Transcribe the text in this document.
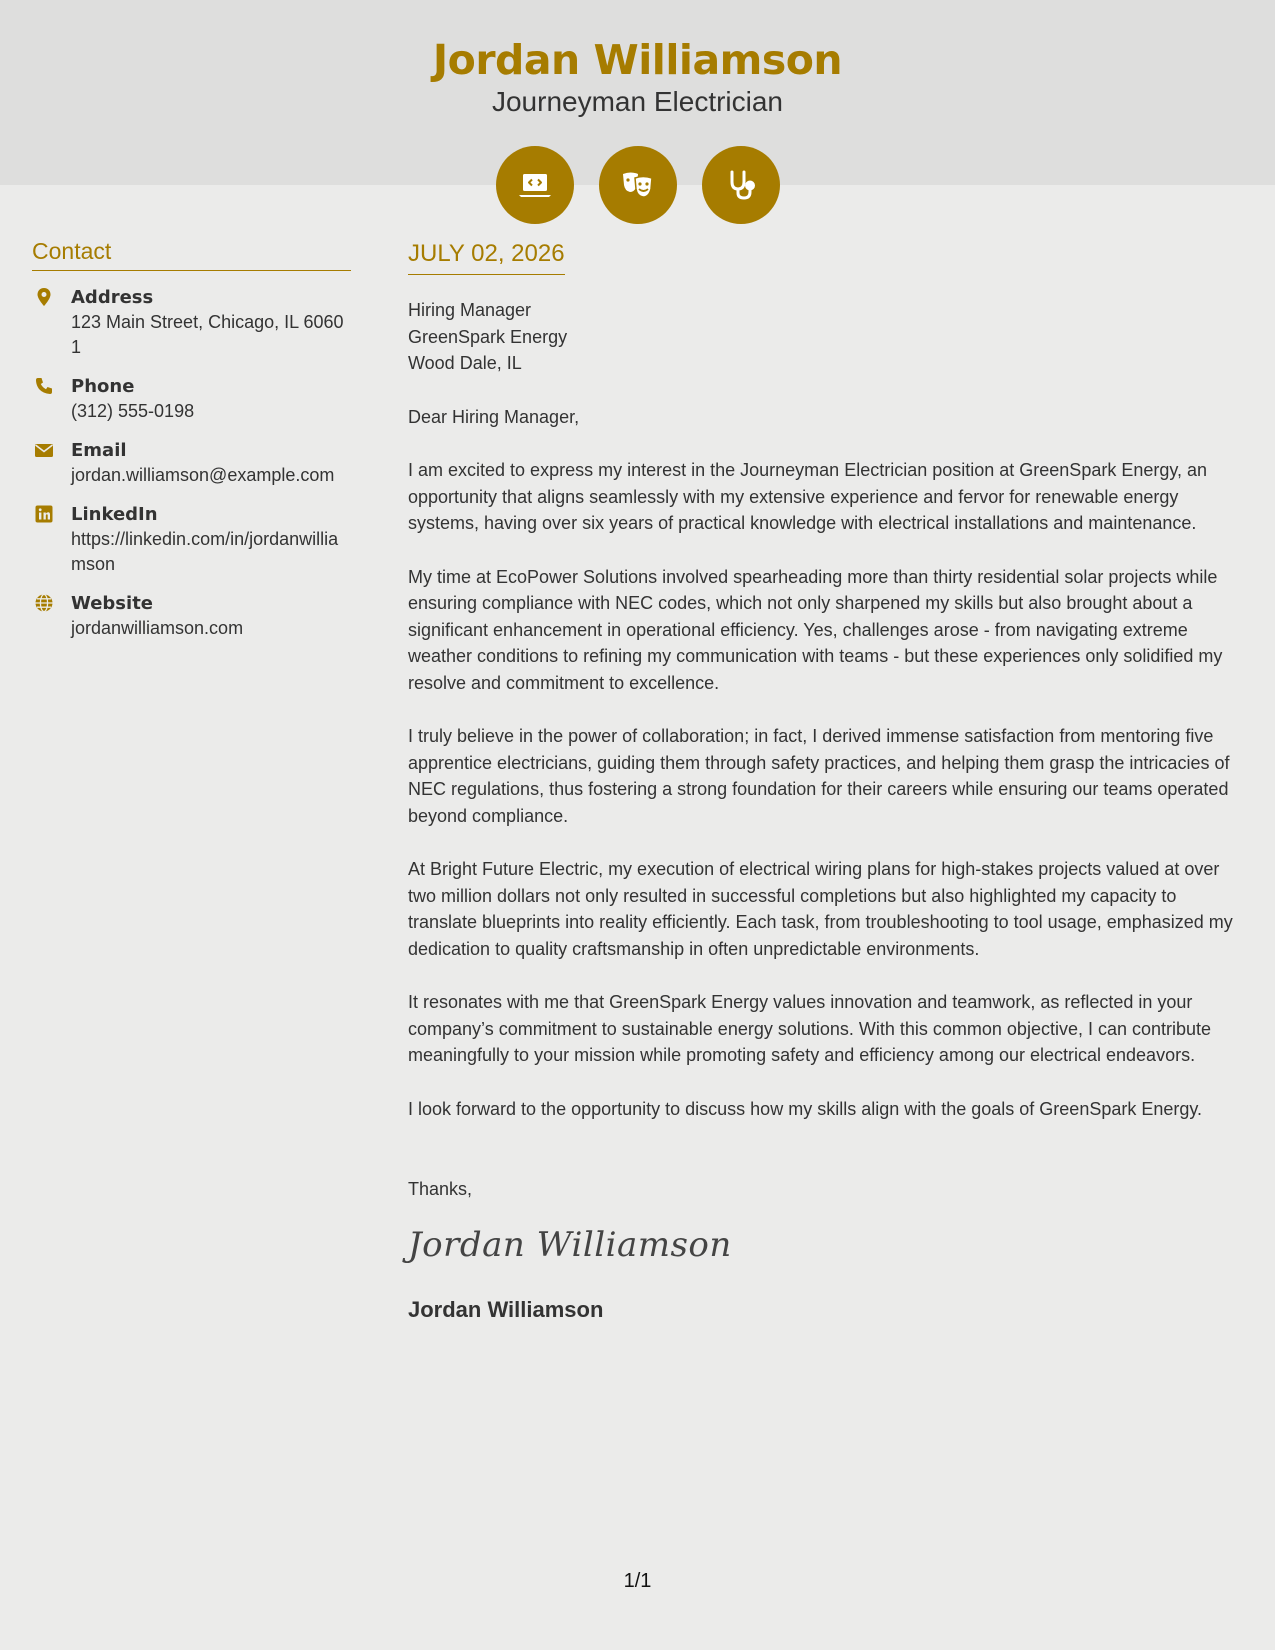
Jordan Williamson
Journeyman Electrician
Contact
Address
123 Main Street, Chicago, IL 60601
Phone
(312) 555-0198
Email
jordan.williamson@example.com
LinkedIn
https://linkedin.com/in/jordanwilliamson
Website
jordanwilliamson.com
JULY 02, 2026
Hiring Manager
GreenSpark Energy
Wood Dale, IL
Dear Hiring Manager,

I am excited to express my interest in the Journeyman Electrician position at GreenSpark Energy, an opportunity that aligns seamlessly with my extensive experience and fervor for renewable energy systems, having over six years of practical knowledge with electrical installations and maintenance.

My time at EcoPower Solutions involved spearheading more than thirty residential solar projects while ensuring compliance with NEC codes, which not only sharpened my skills but also brought about a significant enhancement in operational efficiency. Yes, challenges arose - from navigating extreme weather conditions to refining my communication with teams - but these experiences only solidified my resolve and commitment to excellence.

I truly believe in the power of collaboration; in fact, I derived immense satisfaction from mentoring five apprentice electricians, guiding them through safety practices, and helping them grasp the intricacies of NEC regulations, thus fostering a strong foundation for their careers while ensuring our teams operated beyond compliance.

At Bright Future Electric, my execution of electrical wiring plans for high-stakes projects valued at over two million dollars not only resulted in successful completions but also highlighted my capacity to translate blueprints into reality efficiently. Each task, from troubleshooting to tool usage, emphasized my dedication to quality craftsmanship in often unpredictable environments.

It resonates with me that GreenSpark Energy values innovation and teamwork, as reflected in your company’s commitment to sustainable energy solutions. With this common objective, I can contribute meaningfully to your mission while promoting safety and efficiency among our electrical endeavors.

I look forward to the opportunity to discuss how my skills align with the goals of GreenSpark Energy.

Thanks,
Jordan Williamson
Jordan Williamson
1/1
